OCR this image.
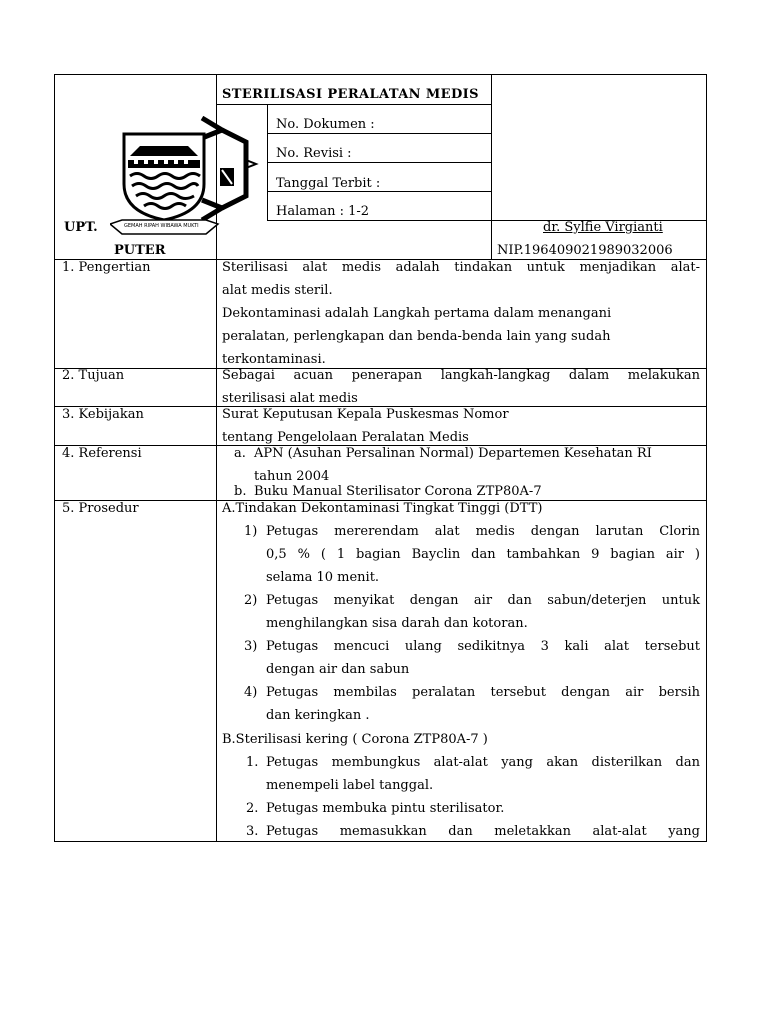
GEMAH RIPAH WIBAWA MUKTI
STERILISASI PERALATAN MEDIS
No. Dokumen :
No. Revisi :
Tanggal Terbit :
Halaman : 1-2
UPT.
PUTER
dr. Sylfie Virgianti
NIP.196409021989032006
1. Pengertian	Sterilisasi alat medis adalah tindakan untuk menjadikan alat-
alat medis steril.
Dekontaminasi adalah Langkah pertama dalam menangani
peralatan, perlengkapan dan benda-benda lain yang sudah
terkontaminasi.
2. Tujuan	Sebagai acuan penerapan langkah-langkag dalam melakukan
sterilisasi alat medis
3. Kebijakan	Surat Keputusan Kepala Puskesmas Nomor
tentang Pengelolaan Peralatan Medis
4. Referensi	a. APN (Asuhan Persalinan Normal) Departemen Kesehatan RI
tahun 2004
b. Buku Manual Sterilisator Corona ZTP80A-7
5. Prosedur	A.Tindakan Dekontaminasi Tingkat Tinggi (DTT)
1) Petugas mererendam alat medis dengan larutan Clorin
0,5 % ( 1 bagian Bayclin dan tambahkan 9 bagian air )
selama 10 menit.
2) Petugas menyikat dengan air dan sabun/deterjen untuk
menghilangkan sisa darah dan kotoran.
3) Petugas mencuci ulang sedikitnya 3 kali alat tersebut
dengan air dan sabun
4) Petugas membilas peralatan tersebut dengan air bersih
dan keringkan .
B.Sterilisasi kering ( Corona ZTP80A-7 )
1. Petugas membungkus alat-alat yang akan disterilkan dan
menempeli label tanggal.
2. Petugas membuka pintu sterilisator.
3. Petugas memasukkan dan meletakkan alat-alat yang
